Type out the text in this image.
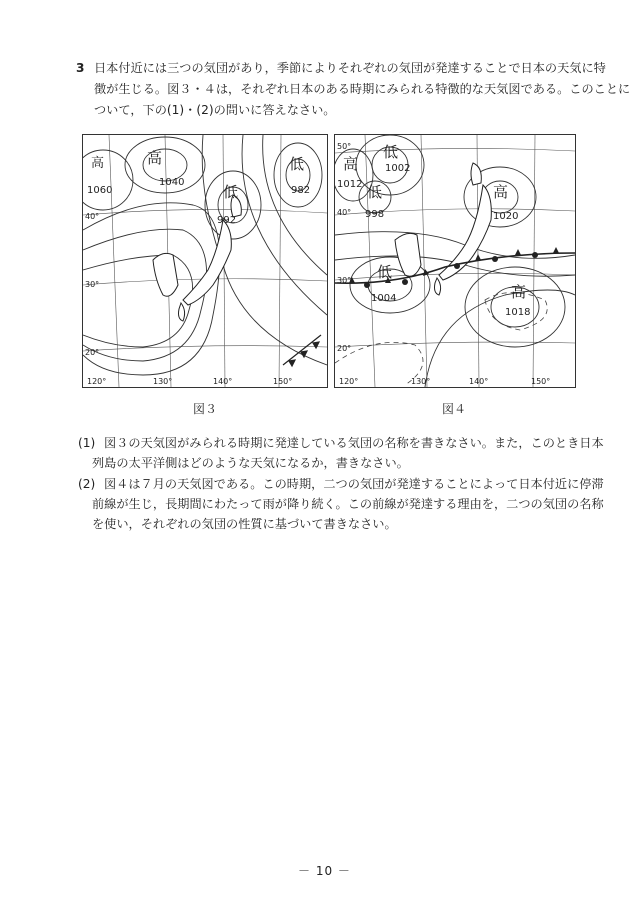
3 日本付近には三つの気団があり，季節によりそれぞれの気団が発達することで日本の天気に特
徴が生じる。図３・４は，それぞれ日本のある時期にみられる特徴的な天気図である。このことに
ついて，下の(1)・(2)の問いに答えなさい。
高
1060
高
1040
低
992
低
982
40°
30°
20°
120°	130°	140°	150°
低
1002
高
1012 低
998
高
1020
低
1004	高
1018
50°
40°
30°
20°
120°	130°	140°	150°
図３	図４
(1) 図３の天気図がみられる時期に発達している気団の名称を書きなさい。また，このとき日本
列島の太平洋側はどのような天気になるか，書きなさい。
(2) 図４は７月の天気図である。この時期，二つの気団が発達することによって日本付近に停滞
前線が生じ，長期間にわたって雨が降り続く。この前線が発達する理由を，二つの気団の名称
を使い，それぞれの気団の性質に基づいて書きなさい。
－ 10 －
